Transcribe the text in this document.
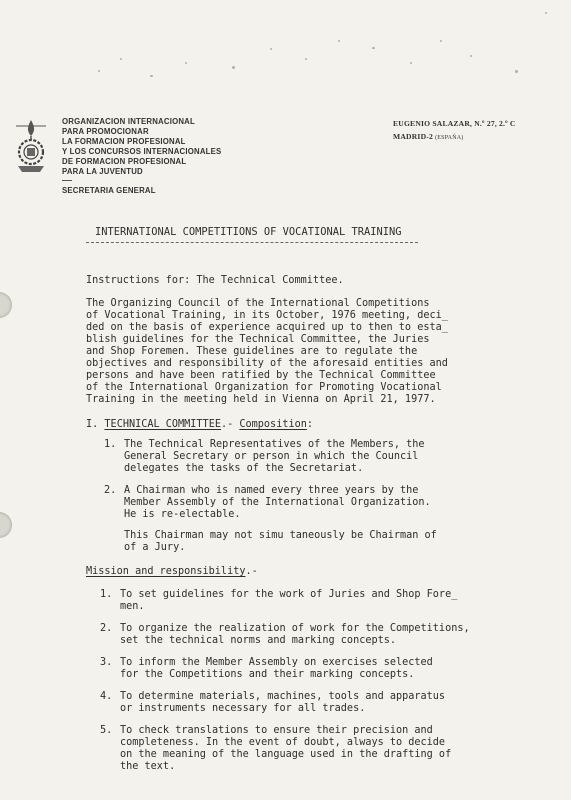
ORGANIZACION INTERNACIONAL
PARA PROMOCIONAR
LA FORMACION PROFESIONAL
Y LOS CONCURSOS INTERNACIONALES
DE FORMACION PROFESIONAL
PARA LA JUVENTUD
SECRETARIA GENERAL
EUGENIO SALAZAR, N.º 27, 2.º C
MADRID-2 (ESPAÑA)
INTERNATIONAL COMPETITIONS OF VOCATIONAL TRAINING
Instructions for: The Technical Committee.
The Organizing Council of the International Competitions
of Vocational Training, in its October, 1976 meeting, deci_
ded on the basis of experience acquired up to then to esta_
blish guidelines for the Technical Committee, the Juries
and Shop Foremen. These guidelines are to regulate the
objectives and responsibility of the aforesaid entities and
persons and have been ratified by the Technical Committee
of the International Organization for Promoting Vocational
Training in the meeting held in Vienna on April 21, 1977.
I. TECHNICAL COMMITTEE.- Composition:
1. The Technical Representatives of the Members, the
General Secretary or person in which the Council
delegates the tasks of the Secretariat.
2. A Chairman who is named every three years by the
Member Assembly of the International Organization.
He is re-electable.
This Chairman may not simu taneously be Chairman of
of a Jury.
Mission and responsibility.-
1. To set guidelines for the work of Juries and Shop Fore_
men.
2. To organize the realization of work for the Competitions,
set the technical norms and marking concepts.
3. To inform the Member Assembly on exercises selected
for the Competitions and their marking concepts.
4. To determine materials, machines, tools and apparatus
or instruments necessary for all trades.
5. To check translations to ensure their precision and
completeness. In the event of doubt, always to decide
on the meaning of the language used in the drafting of
the text.
